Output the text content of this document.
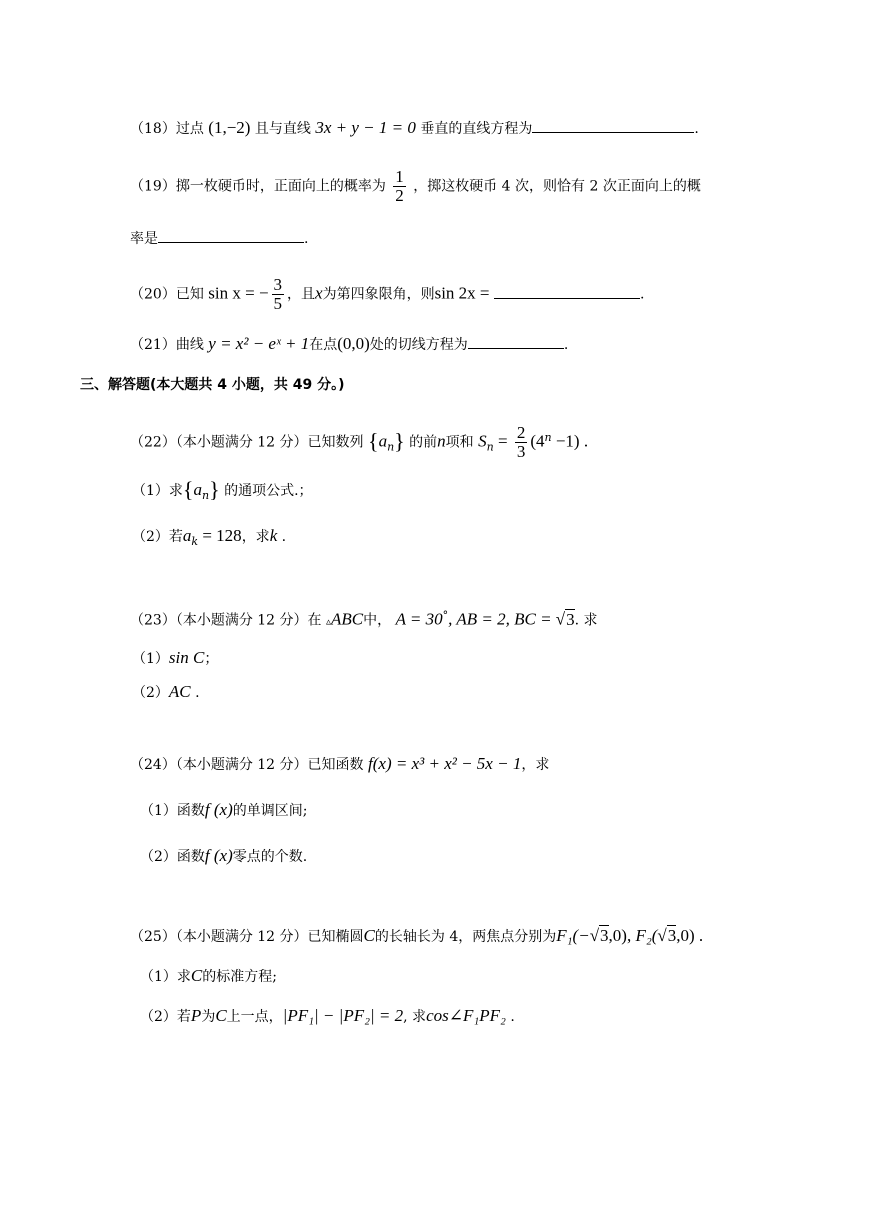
（18）过点 (1,−2) 且与直线 3x + y − 1 = 0 垂直的直线方程为	.
（19）掷一枚硬币时，正面向上的概率为 $\frac{1}{2}$ ，掷这枚硬币 4 次，则恰有 2 次正面向上的概
率是	.
（20）已知 sin x = − $\frac{3}{5}$ ，且x为第四象限角，则sin 2x =	.
（21）曲线 y = x² − eˣ + 1在点(0,0)处的切线方程为	.
三、解答题(本大题共 4 小题，共 49 分。)
（22）（本小题满分 12 分）已知数列 $\{a_n\}$ 的前n项和 $S_n = \frac{2}{3} (4^n -1)$ .
（1）求$\{a_n\}$ 的通项公式.；
（2）若$a_k = 128$，求k .
（23）（本小题满分 12 分）在 ▵ABC中， A = 30°, AB = 2, BC = √3. 求
（1）sin C；
（2）AC .
（24）（本小题满分 12 分）已知函数 f(x) = x³ + x² − 5x − 1，求
（1）函数f (x)的单调区间;
（2）函数f (x)零点的个数.
（25）（本小题满分 12 分）已知椭圆C的长轴长为 4，两焦点分别为F₁(−√3,0), F₂(√3,0) .
（1）求C的标准方程;
（2）若P为C上一点，|PF₁| − |PF₂| = 2, 求cos∠F₁PF₂ .
